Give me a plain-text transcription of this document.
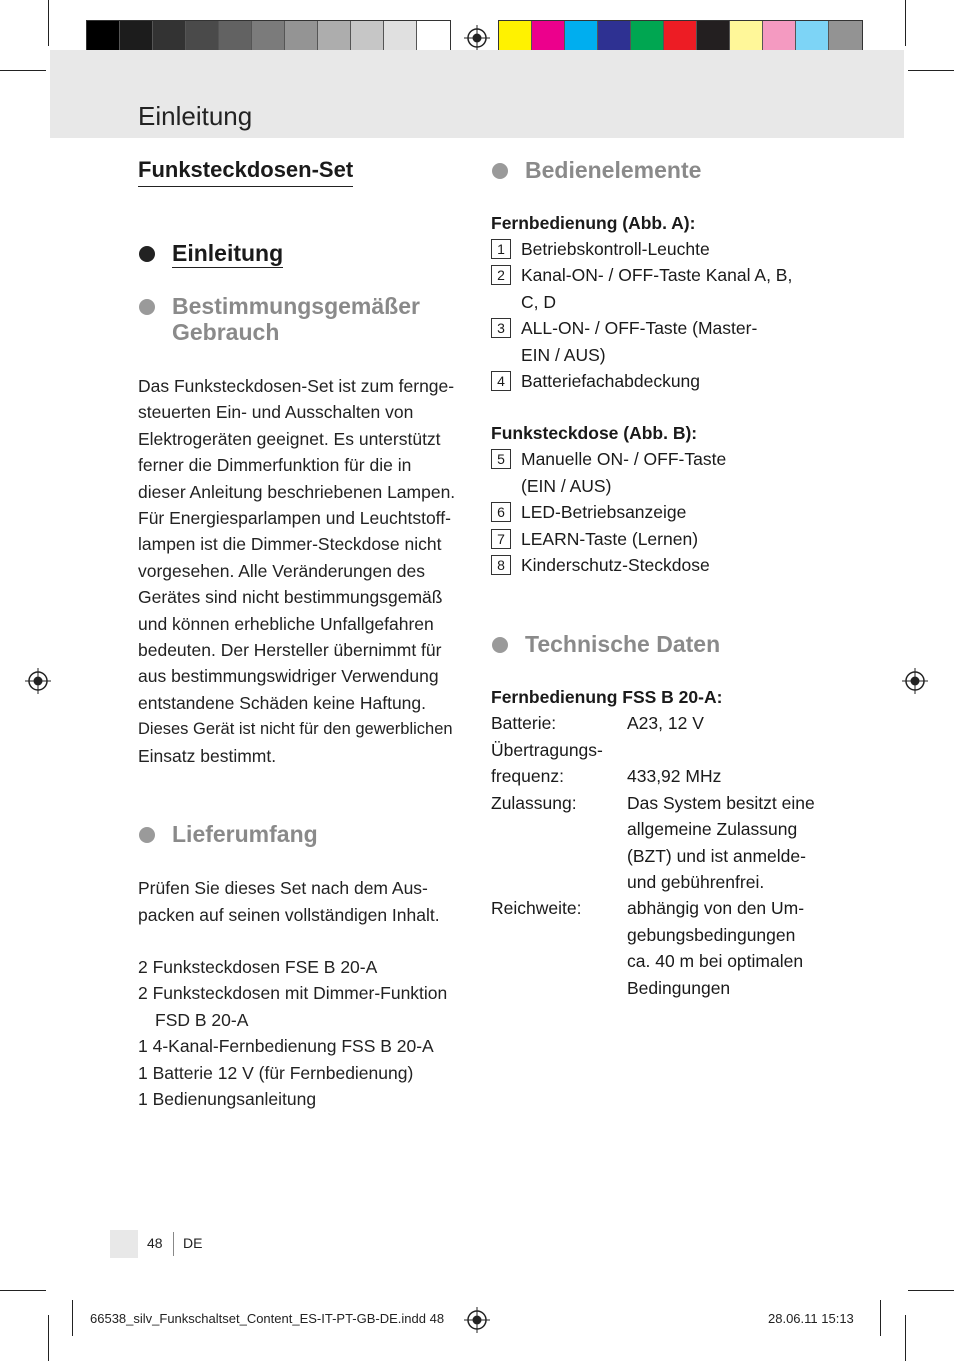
Einleitung
Funksteckdosen-Set
Einleitung
Bestimmungsgemäßer
Gebrauch

Das Funksteckdosen-Set ist zum fernge-

steuerten Ein- und Ausschalten von

Elektrogeräten geeignet. Es unterstützt

ferner die Dimmerfunktion für die in

dieser Anleitung beschriebenen Lampen.

Für Energiesparlampen und Leuchtstoff-

lampen ist die Dimmer-Steckdose nicht

vorgesehen. Alle Veränderungen des

Gerätes sind nicht bestimmungsgemäß

und können erhebliche Unfallgefahren

bedeuten. Der Hersteller übernimmt für

aus bestimmungswidriger Verwendung

entstandene Schäden keine Haftung.

Dieses Gerät ist nicht für den gewerblichen

Einsatz bestimmt.

Lieferumfang

Prüfen Sie dieses Set nach dem Aus-

packen auf seinen vollständigen Inhalt.

2 Funksteckdosen FSE B 20-A

2 Funksteckdosen mit Dimmer-Funktion

FSD B 20-A

1 4-Kanal-Fernbedienung FSS B 20-A

1 Batterie 12 V (für Fernbedienung)

1 Bedienungsanleitung

Bedienelemente
Fernbedienung (Abb. A):
1 Betriebskontroll-Leuchte
2 Kanal-ON- / OFF-Taste Kanal A, B,
C, D
3 ALL-ON- / OFF-Taste (Master-
EIN / AUS)
4 Batteriefachabdeckung
Funksteckdose (Abb. B):
5 Manuelle ON- / OFF-Taste
(EIN / AUS)
6 LED-Betriebsanzeige
7 LEARN-Taste (Lernen)
8 Kinderschutz-Steckdose
Technische Daten
Fernbedienung FSS B 20-A:
Batterie:	A23, 12 V
Übertragungs-
frequenz:	433,92 MHz
Zulassung:	Das System besitzt eine
allgemeine Zulassung
(BZT) und ist anmelde-
und gebührenfrei.
Reichweite:	abhängig von den Um-
gebungsbedingungen
ca. 40 m bei optimalen
Bedingungen
48 DE
66538_silv_Funkschaltset_Content_ES-IT-PT-GB-DE.indd 48	28.06.11 15:13
